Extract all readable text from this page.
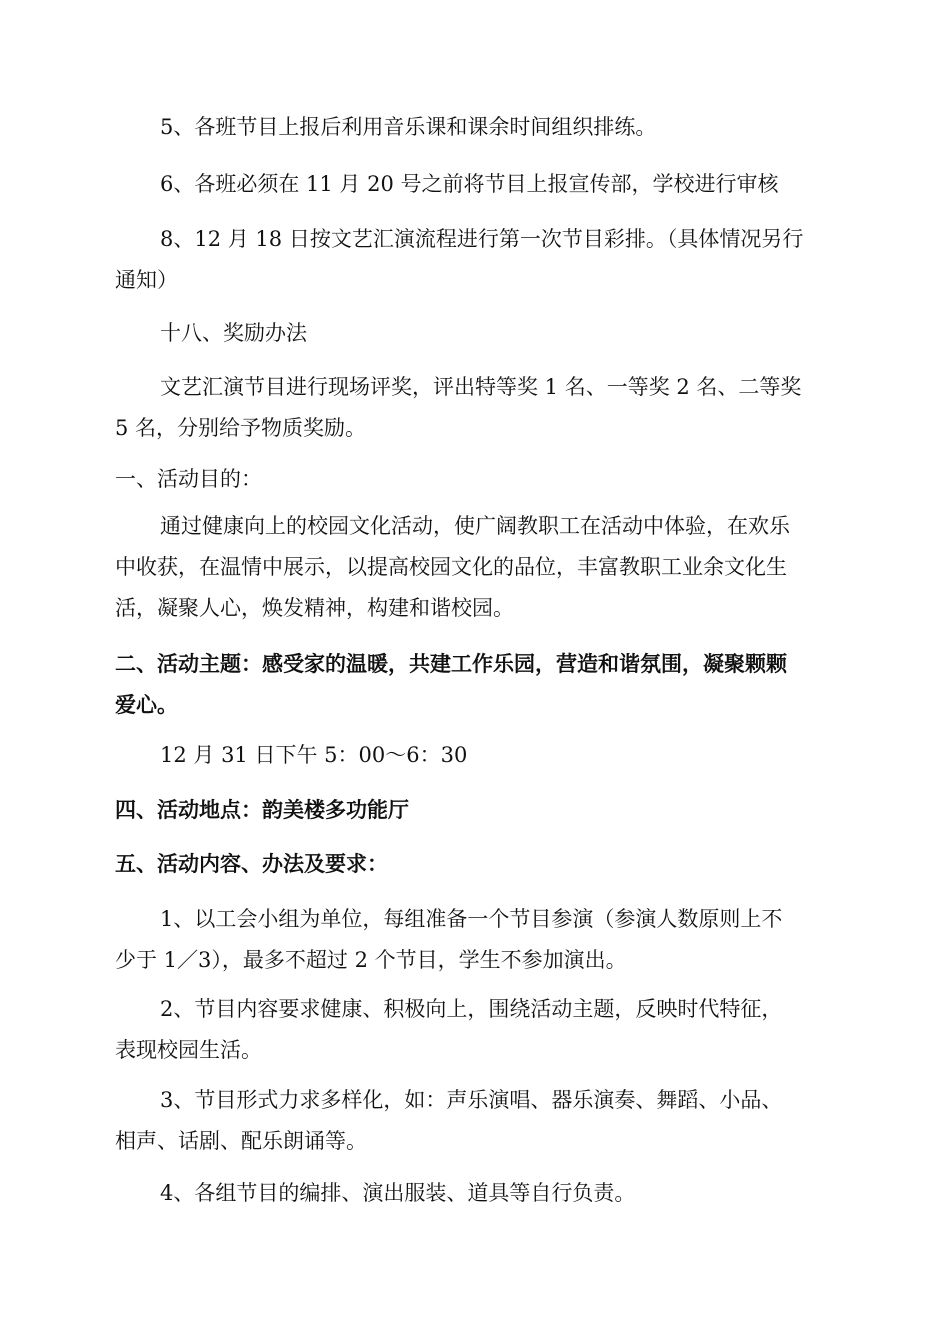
5、各班节目上报后利用音乐课和课余时间组织排练。
6、各班必须在 11 月 20 号之前将节目上报宣传部，学校进行审核
8、12 月 18 日按文艺汇演流程进行第一次节目彩排。（具体情况另行
通知）
十八、奖励办法
文艺汇演节目进行现场评奖，评出特等奖 1 名、一等奖 2 名、二等奖
5 名，分别给予物质奖励。
一、活动目的：
通过健康向上的校园文化活动，使广阔教职工在活动中体验，在欢乐
中收获，在温情中展示，以提高校园文化的品位，丰富教职工业余文化生
活，凝聚人心，焕发精神，构建和谐校园。
二、活动主题：感受家的温暖，共建工作乐园，营造和谐氛围，凝聚颗颗
爱心。
12 月 31 日下午 5：00～6：30
四、活动地点：韵美楼多功能厅
五、活动内容、办法及要求：
1、以工会小组为单位，每组准备一个节目参演（参演人数原则上不
少于 1／3），最多不超过 2 个节目，学生不参加演出。
2、节目内容要求健康、积极向上，围绕活动主题，反映时代特征，
表现校园生活。
3、节目形式力求多样化，如：声乐演唱、器乐演奏、舞蹈、小品、
相声、话剧、配乐朗诵等。
4、各组节目的编排、演出服装、道具等自行负责。
